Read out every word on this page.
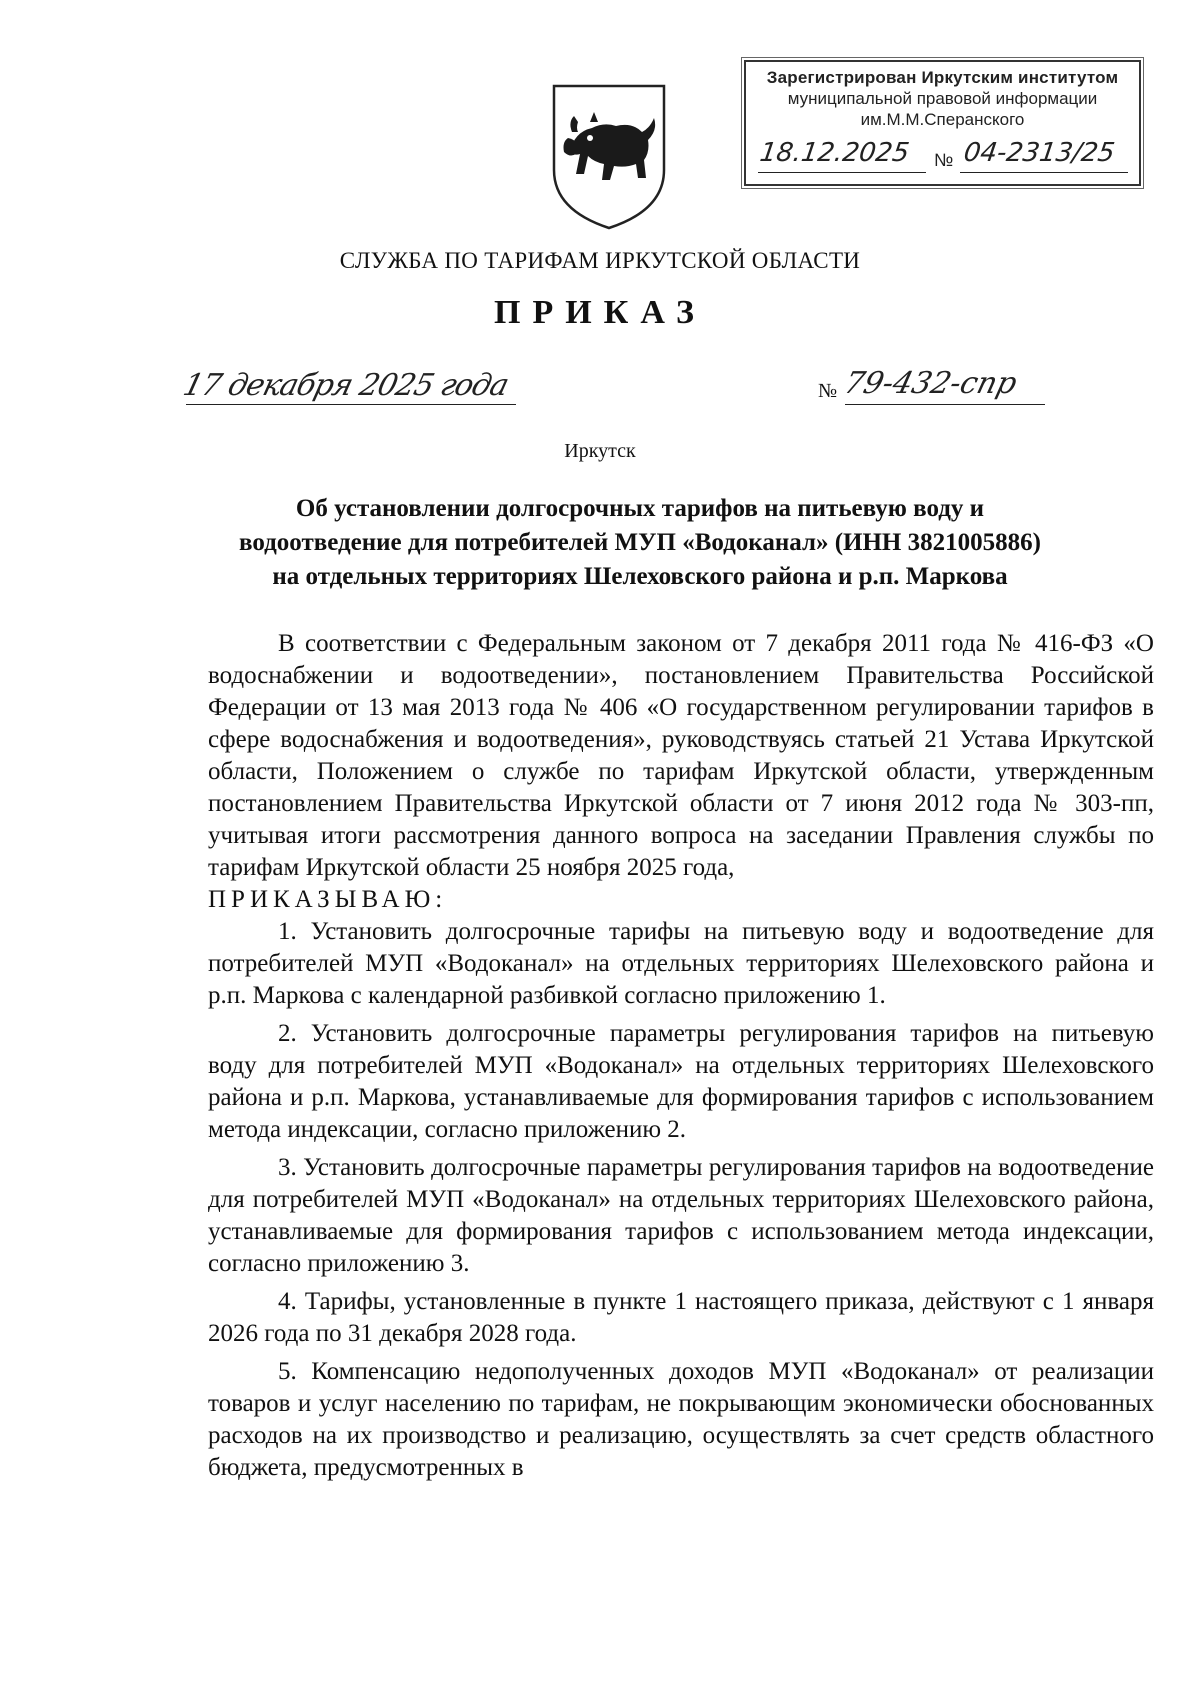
Зарегистрирован Иркутским институтом
муниципальной правовой информации
им.М.М.Сперанского
18.12.2025 № 04-2313/25
СЛУЖБА ПО ТАРИФАМ ИРКУТСКОЙ ОБЛАСТИ
ПРИКАЗ
17 декабря 2025 года	№ 79-432-спр
Иркутск
Об установлении долгосрочных тарифов на питьевую воду и
водоотведение для потребителей МУП «Водоканал» (ИНН 3821005886)
на отдельных территориях Шелеховского района и р.п. Маркова

В соответствии с Федеральным законом от 7 декабря 2011 года № 416-ФЗ «О водоснабжении и водоотведении», постановлением Правительства Российской Федерации от 13 мая 2013 года № 406 «О государственном регулировании тарифов в сфере водоснабжения и водоотведения», руководствуясь статьей 21 Устава Иркутской области, Положением о службе по тарифам Иркутской области, утвержденным постановлением Правительства Иркутской области от 7 июня 2012 года № 303-пп, учитывая итоги рассмотрения данного вопроса на заседании Правления службы по тарифам Иркутской области 25 ноября 2025 года,

ПРИКАЗЫВАЮ:

1. Установить долгосрочные тарифы на питьевую воду и водоотведение для потребителей МУП «Водоканал» на отдельных территориях Шелеховского района и р.п. Маркова с календарной разбивкой согласно приложению 1.

2. Установить долгосрочные параметры регулирования тарифов на питьевую воду для потребителей МУП «Водоканал» на отдельных территориях Шелеховского района и р.п. Маркова, устанавливаемые для формирования тарифов с использованием метода индексации, согласно приложению 2.

3. Установить долгосрочные параметры регулирования тарифов на водоотведение для потребителей МУП «Водоканал» на отдельных территориях Шелеховского района, устанавливаемые для формирования тарифов с использованием метода индексации, согласно приложению 3.

4. Тарифы, установленные в пункте 1 настоящего приказа, действуют с 1 января 2026 года по 31 декабря 2028 года.

5. Компенсацию недополученных доходов МУП «Водоканал» от реализации товаров и услуг населению по тарифам, не покрывающим экономически обоснованных расходов на их производство и реализацию, осуществлять за счет средств областного бюджета, предусмотренных в
